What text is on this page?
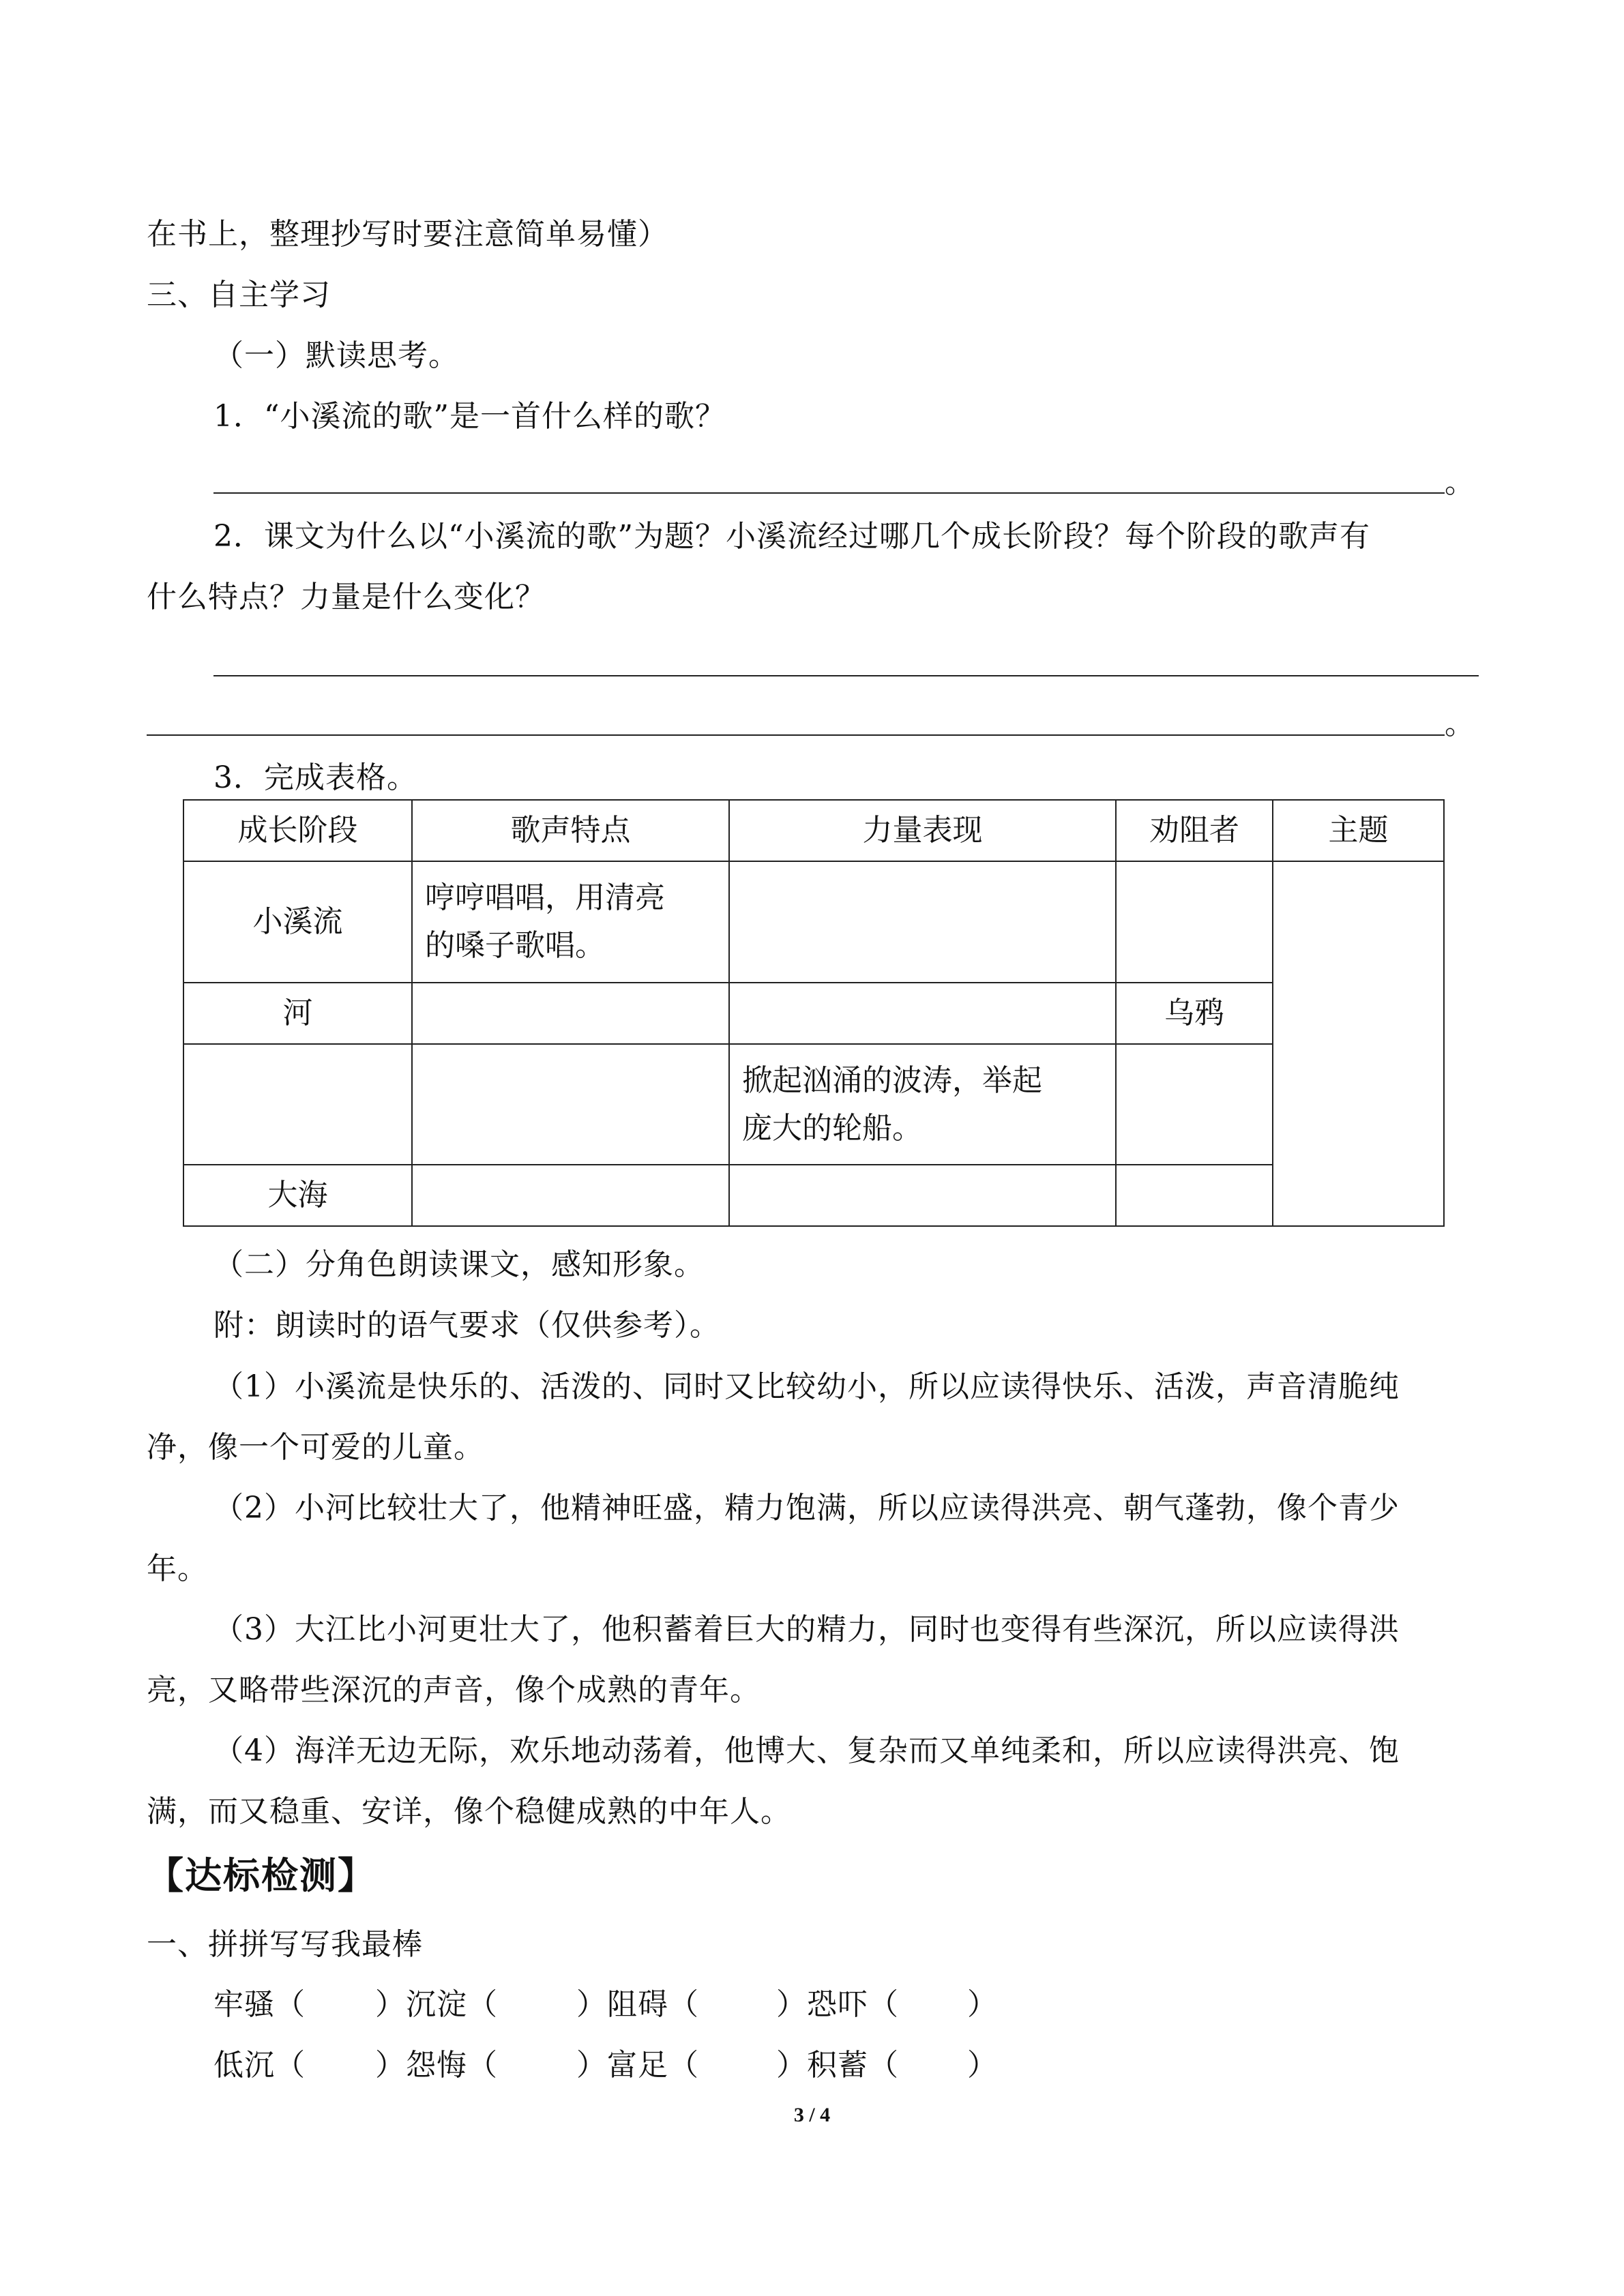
在书上，整理抄写时要注意简单易懂）
三、自主学习
（一）默读思考。
1．“小溪流的歌”是一首什么样的歌？
。
2．课文为什么以“小溪流的歌”为题？小溪流经过哪几个成长阶段？每个阶段的歌声有
什么特点？力量是什么变化？
。
3．完成表格。
成长阶段	歌声特点	力量表现	劝阻者	主题
小溪流	哼哼唱唱，用清亮
的嗓子歌唱。			

河			乌鸦	

		掀起汹涌的波涛，举起
庞大的轮船。		

大海				
（二）分角色朗读课文，感知形象。
附：朗读时的语气要求（仅供参考）。
（1）小溪流是快乐的、活泼的、同时又比较幼小，所以应读得快乐、活泼，声音清脆纯
净，像一个可爱的儿童。
（2）小河比较壮大了，他精神旺盛，精力饱满，所以应读得洪亮、朝气蓬勃，像个青少
年。
（3）大江比小河更壮大了，他积蓄着巨大的精力，同时也变得有些深沉，所以应读得洪
亮，又略带些深沉的声音，像个成熟的青年。
（4）海洋无边无际，欢乐地动荡着，他博大、复杂而又单纯柔和，所以应读得洪亮、饱
满，而又稳重、安详，像个稳健成熟的中年人。
【达标检测】
一、拼拼写写我最棒
牢骚（ ）沉淀（	）阻碍（	）恐吓（ ）
低沉（ ）怨悔（	）富足（	）积蓄（ ）
3 / 4
